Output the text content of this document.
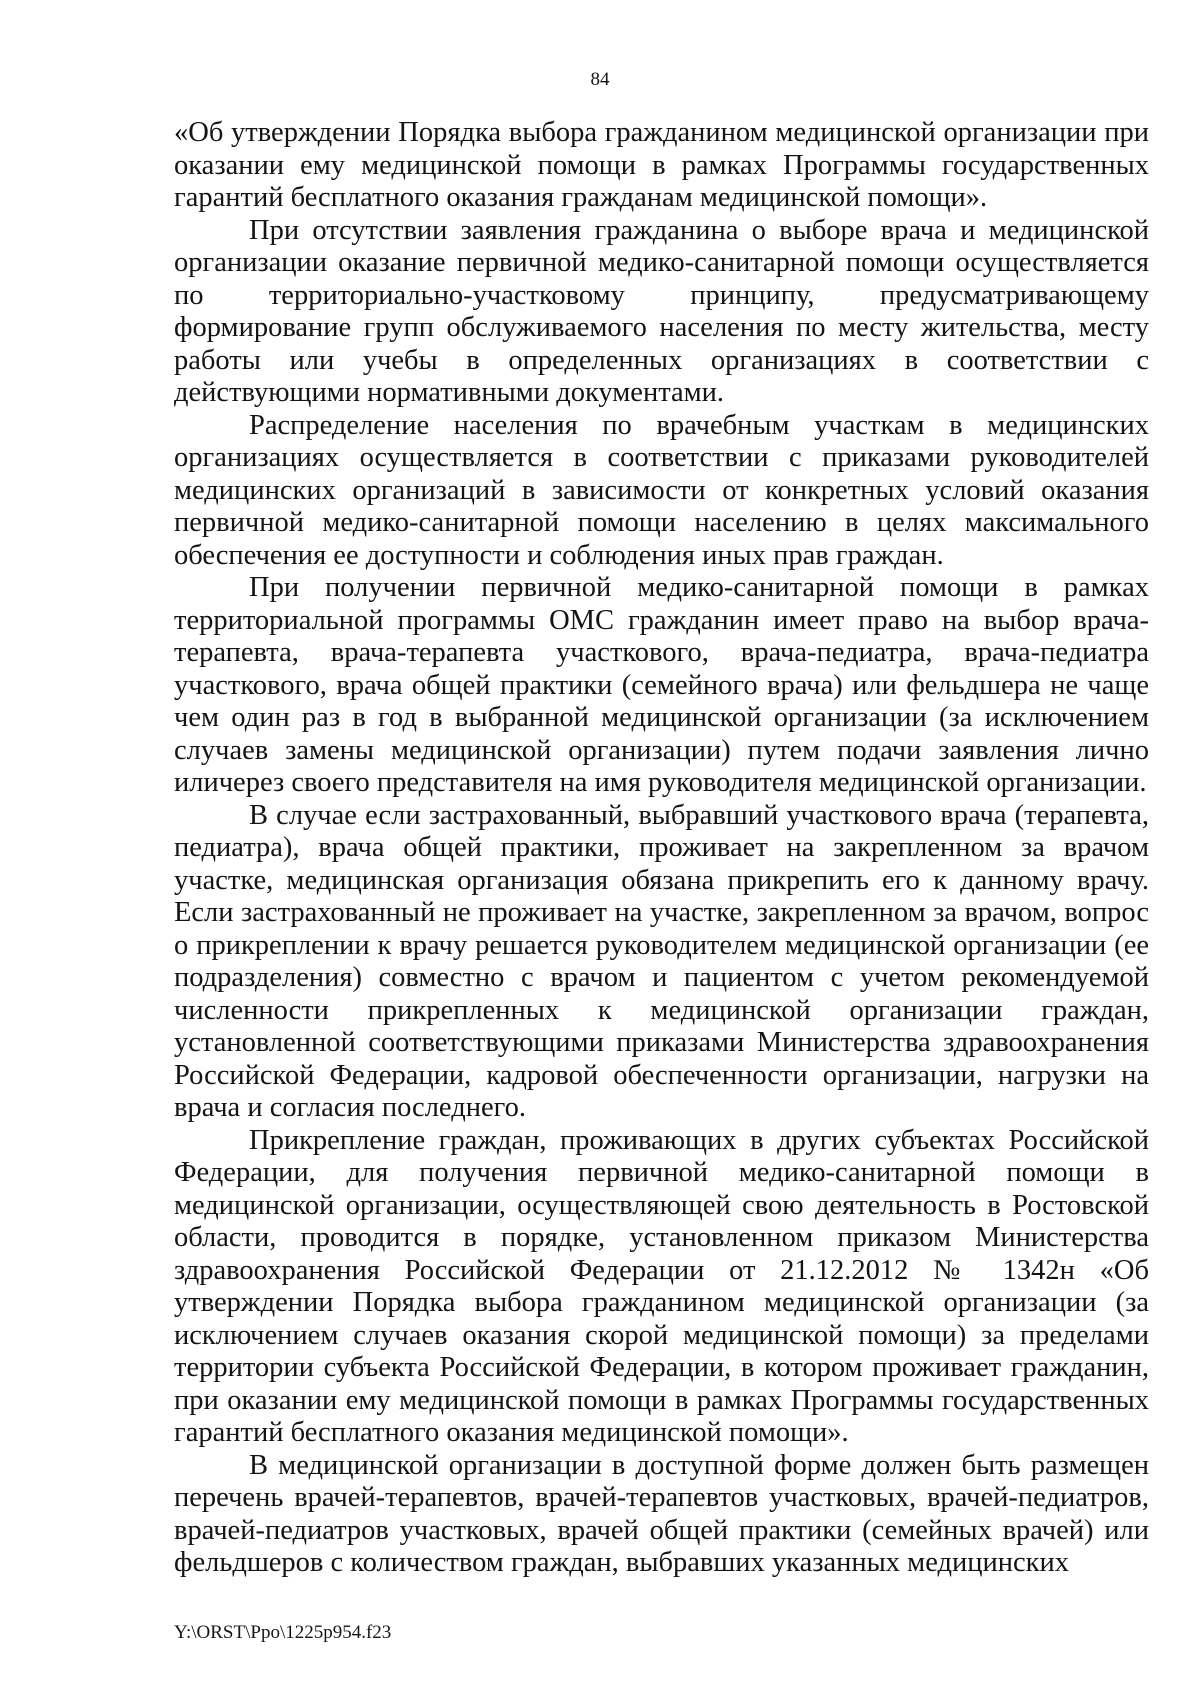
84

«Об утверждении Порядка выбора гражданином медицинской организации при оказании ему медицинской помощи в рамках Программы государственных гарантий бесплатного оказания гражданам медицинской помощи».

При отсутствии заявления гражданина о выборе врача и медицинской организации оказание первичной медико-санитарной помощи осуществляется по территориально-участковому принципу, предусматривающему формирование групп обслуживаемого населения по месту жительства, месту работы или учебы в определенных организациях в соответствии с действующими нормативными документами.

Распределение населения по врачебным участкам в медицинских организациях осуществляется в соответствии с приказами руководителей медицинских организаций в зависимости от конкретных условий оказания первичной медико-санитарной помощи населению в целях максимального обеспечения ее доступности и соблюдения иных прав граждан.

При получении первичной медико-санитарной помощи в рамках территориальной программы ОМС гражданин имеет право на выбор врача-терапевта, врача-терапевта участкового, врача-педиатра, врача-педиатра участкового, врача общей практики (семейного врача) или фельдшера не чаще чем один раз в год в выбранной медицинской организации (за исключением случаев замены медицинской организации) путем подачи заявления лично иличерез своего представителя на имя руководителя медицинской организации.

В случае если застрахованный, выбравший участкового врача (терапевта, педиатра), врача общей практики, проживает на закрепленном за врачом участке, медицинская организация обязана прикрепить его к данному врачу. Если застрахованный не проживает на участке, закрепленном за врачом, вопрос о прикреплении к врачу решается руководителем медицинской организации (ее подразделения) совместно с врачом и пациентом с учетом рекомендуемой численности прикрепленных к медицинской организации граждан, установленной соответствующими приказами Министерства здравоохранения Российской Федерации, кадровой обеспеченности организации, нагрузки на врача и согласия последнего.

Прикрепление граждан, проживающих в других субъектах Российской Федерации, для получения первичной медико-санитарной помощи в медицинской организации, осуществляющей свою деятельность в Ростовской области, проводится в порядке, установленном приказом Министерства здравоохранения Российской Федерации от 21.12.2012 № 1342н «Об утверждении Порядка выбора гражданином медицинской организации (за исключением случаев оказания скорой медицинской помощи) за пределами территории субъекта Российской Федерации, в котором проживает гражданин, при оказании ему медицинской помощи в рамках Программы государственных гарантий бесплатного оказания медицинской помощи».

В медицинской организации в доступной форме должен быть размещен перечень врачей-терапевтов, врачей-терапевтов участковых, врачей-педиатров, врачей-педиатров участковых, врачей общей практики (семейных врачей) или фельдшеров с количеством граждан, выбравших указанных медицинских

Y:\ORST\Ppo\1225p954.f23
